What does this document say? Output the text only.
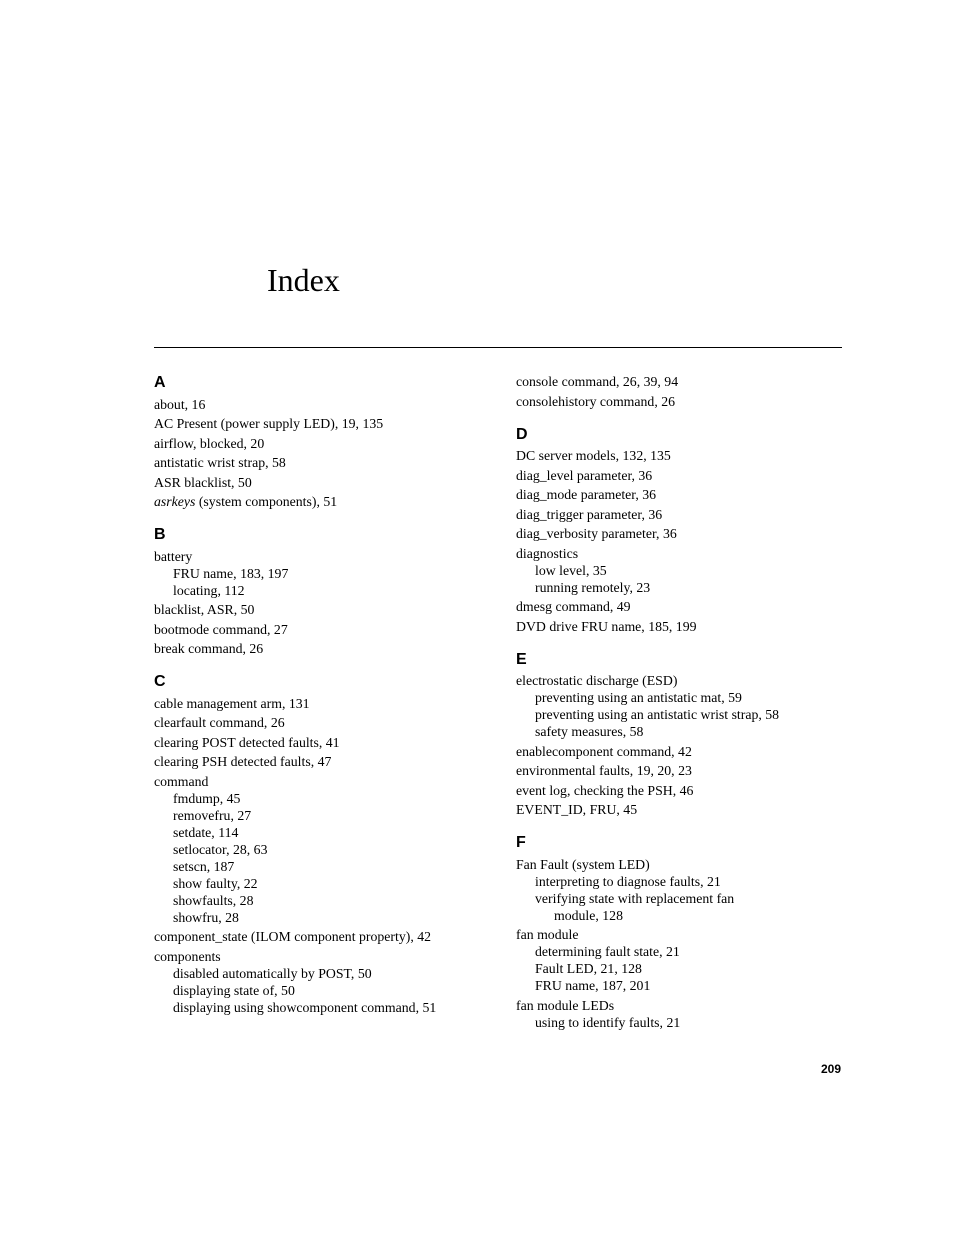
Index
A
about, 16
AC Present (power supply LED), 19, 135
airflow, blocked, 20
antistatic wrist strap, 58
ASR blacklist, 50
asrkeys (system components), 51
B
battery
FRU name, 183, 197
locating, 112
blacklist, ASR, 50
bootmode command, 27
break command, 26
C
cable management arm, 131
clearfault command, 26
clearing POST detected faults, 41
clearing PSH detected faults, 47
command
fmdump, 45
removefru, 27
setdate, 114
setlocator, 28, 63
setscn, 187
show faulty, 22
showfaults, 28
showfru, 28
component_state (ILOM component property), 42
components
disabled automatically by POST, 50
displaying state of, 50
displaying using showcomponent command, 51
console command, 26, 39, 94
consolehistory command, 26
D
DC server models, 132, 135
diag_level parameter, 36
diag_mode parameter, 36
diag_trigger parameter, 36
diag_verbosity parameter, 36
diagnostics
low level, 35
running remotely, 23
dmesg command, 49
DVD drive FRU name, 185, 199
E
electrostatic discharge (ESD)
preventing using an antistatic mat, 59
preventing using an antistatic wrist strap, 58
safety measures, 58
enablecomponent command, 42
environmental faults, 19, 20, 23
event log, checking the PSH, 46
EVENT_ID, FRU, 45
F
Fan Fault (system LED)
interpreting to diagnose faults, 21
verifying state with replacement fan
module, 128
fan module
determining fault state, 21
Fault LED, 21, 128
FRU name, 187, 201
fan module LEDs
using to identify faults, 21
209
